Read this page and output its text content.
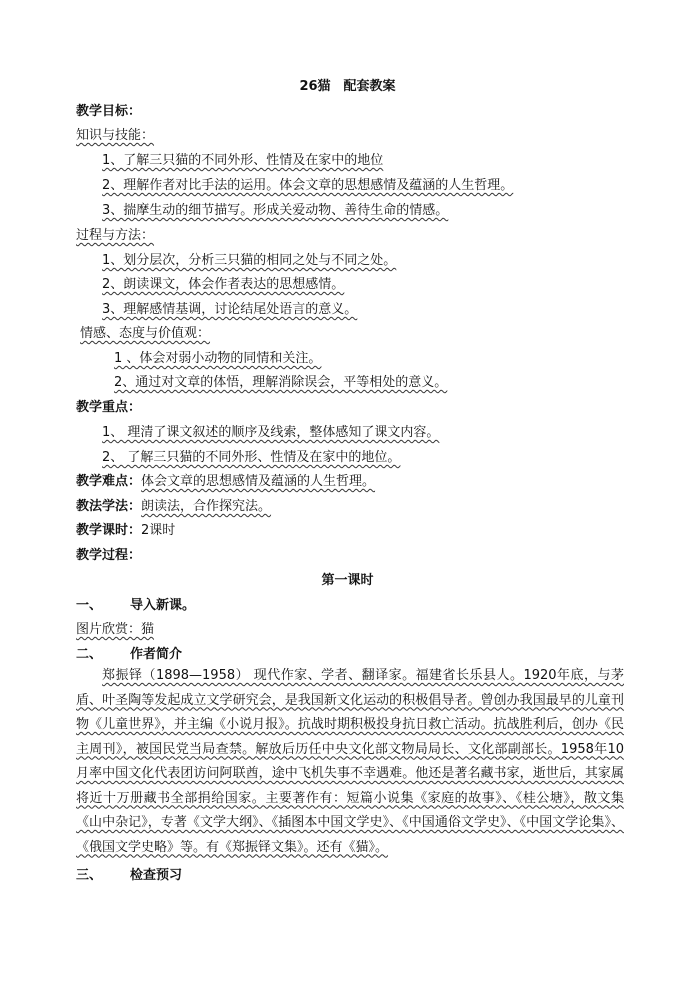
26猫　配套教案
教学目标：
知识与技能：
1、了解三只猫的不同外形、性情及在家中的地位
2、理解作者对比手法的运用。体会文章的思想感情及蕴涵的人生哲理。
3、揣摩生动的细节描写。形成关爱动物、善待生命的情感。
过程与方法：
1、划分层次，分析三只猫的相同之处与不同之处。
2、朗读课文，体会作者表达的思想感情。
3、理解感情基调，讨论结尾处语言的意义。
情感、态度与价值观：
1 、体会对弱小动物的同情和关注。
2、通过对文章的体悟，理解消除误会，平等相处的意义。
教学重点：
1、 理清了课文叙述的顺序及线索，整体感知了课文内容。
2、 了解三只猫的不同外形、性情及在家中的地位。
教学难点：体会文章的思想感情及蕴涵的人生哲理。
教法学法：朗读法，合作探究法。
教学课时：2课时
教学过程：
第一课时
一、 导入新课。
图片欣赏：猫
二、 作者简介

郑振铎（1898—1958） 现代作家、学者、翻译家。福建省长乐县人。1920年底，与茅盾、叶圣陶等发起成立文学研究会，是我国新文化运动的积极倡导者。曾创办我国最早的儿童刊物《儿童世界》，并主编《小说月报》。抗战时期积极投身抗日救亡活动。抗战胜利后，创办《民主周刊》，被国民党当局查禁。解放后历任中央文化部文物局局长、文化部副部长。1958年10月率中国文化代表团访问阿联酋，途中飞机失事不幸遇难。他还是著名藏书家，逝世后，其家属将近十万册藏书全部捐给国家。主要著作有：短篇小说集《家庭的故事》、《桂公塘》，散文集《山中杂记》，专著《文学大纲》、《插图本中国文学史》、《中国通俗文学史》、《中国文学论集》、《俄国文学史略》等。有《郑振铎文集》。还有《猫》。

三、 检查预习
